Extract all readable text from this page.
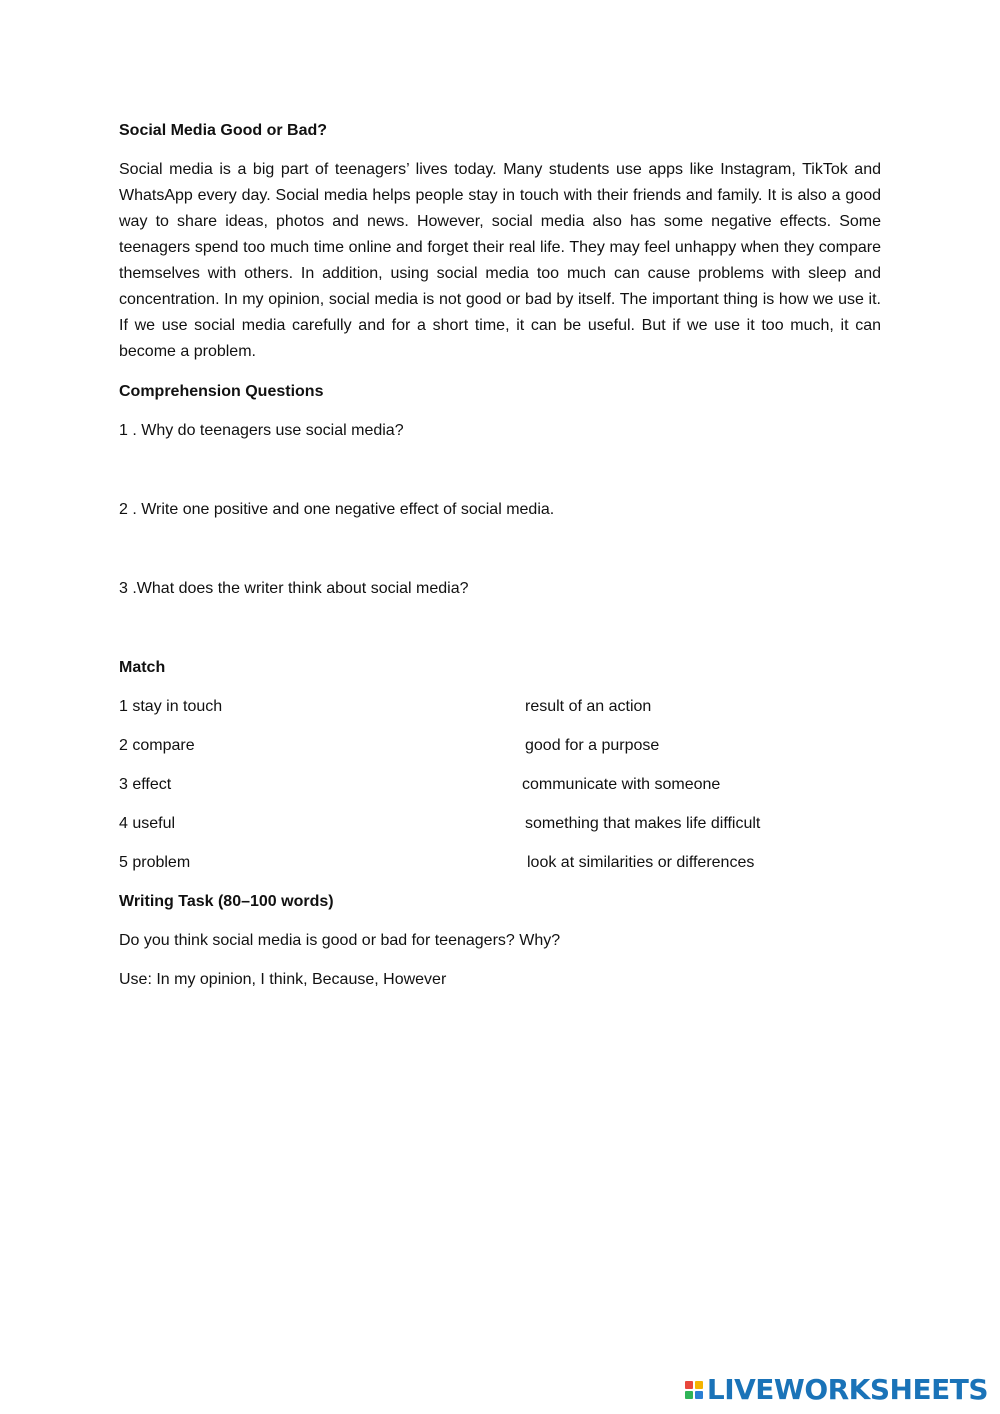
Social Media Good or Bad?

Social media is a big part of teenagers’ lives today. Many students use apps like Instagram, TikTok and WhatsApp every day. Social media helps people stay in touch with their friends and family. It is also a good way to share ideas, photos and news. However, social media also has some negative effects. Some teenagers spend too much time online and forget their real life. They may feel unhappy when they compare themselves with others. In addition, using social media too much can cause problems with sleep and concentration. In my opinion, social media is not good or bad by itself. The important thing is how we use it. If we use social media carefully and for a short time, it can be useful. But if we use it too much, it can become a problem.

Comprehension Questions

1 . Why do teenagers use social media?

2 . Write one positive and one negative effect of social media.

3 .What does the writer think about social media?

Match

1 stay in touch	result of an action
2 compare	good for a purpose
3 effect	communicate with someone
4 useful	something that makes life difficult
5 problem	look at similarities or differences

Writing Task (80–100 words)

Do you think social media is good or bad for teenagers? Why?

Use: In my opinion, I think, Because, However

LIVEWORKSHEETS
